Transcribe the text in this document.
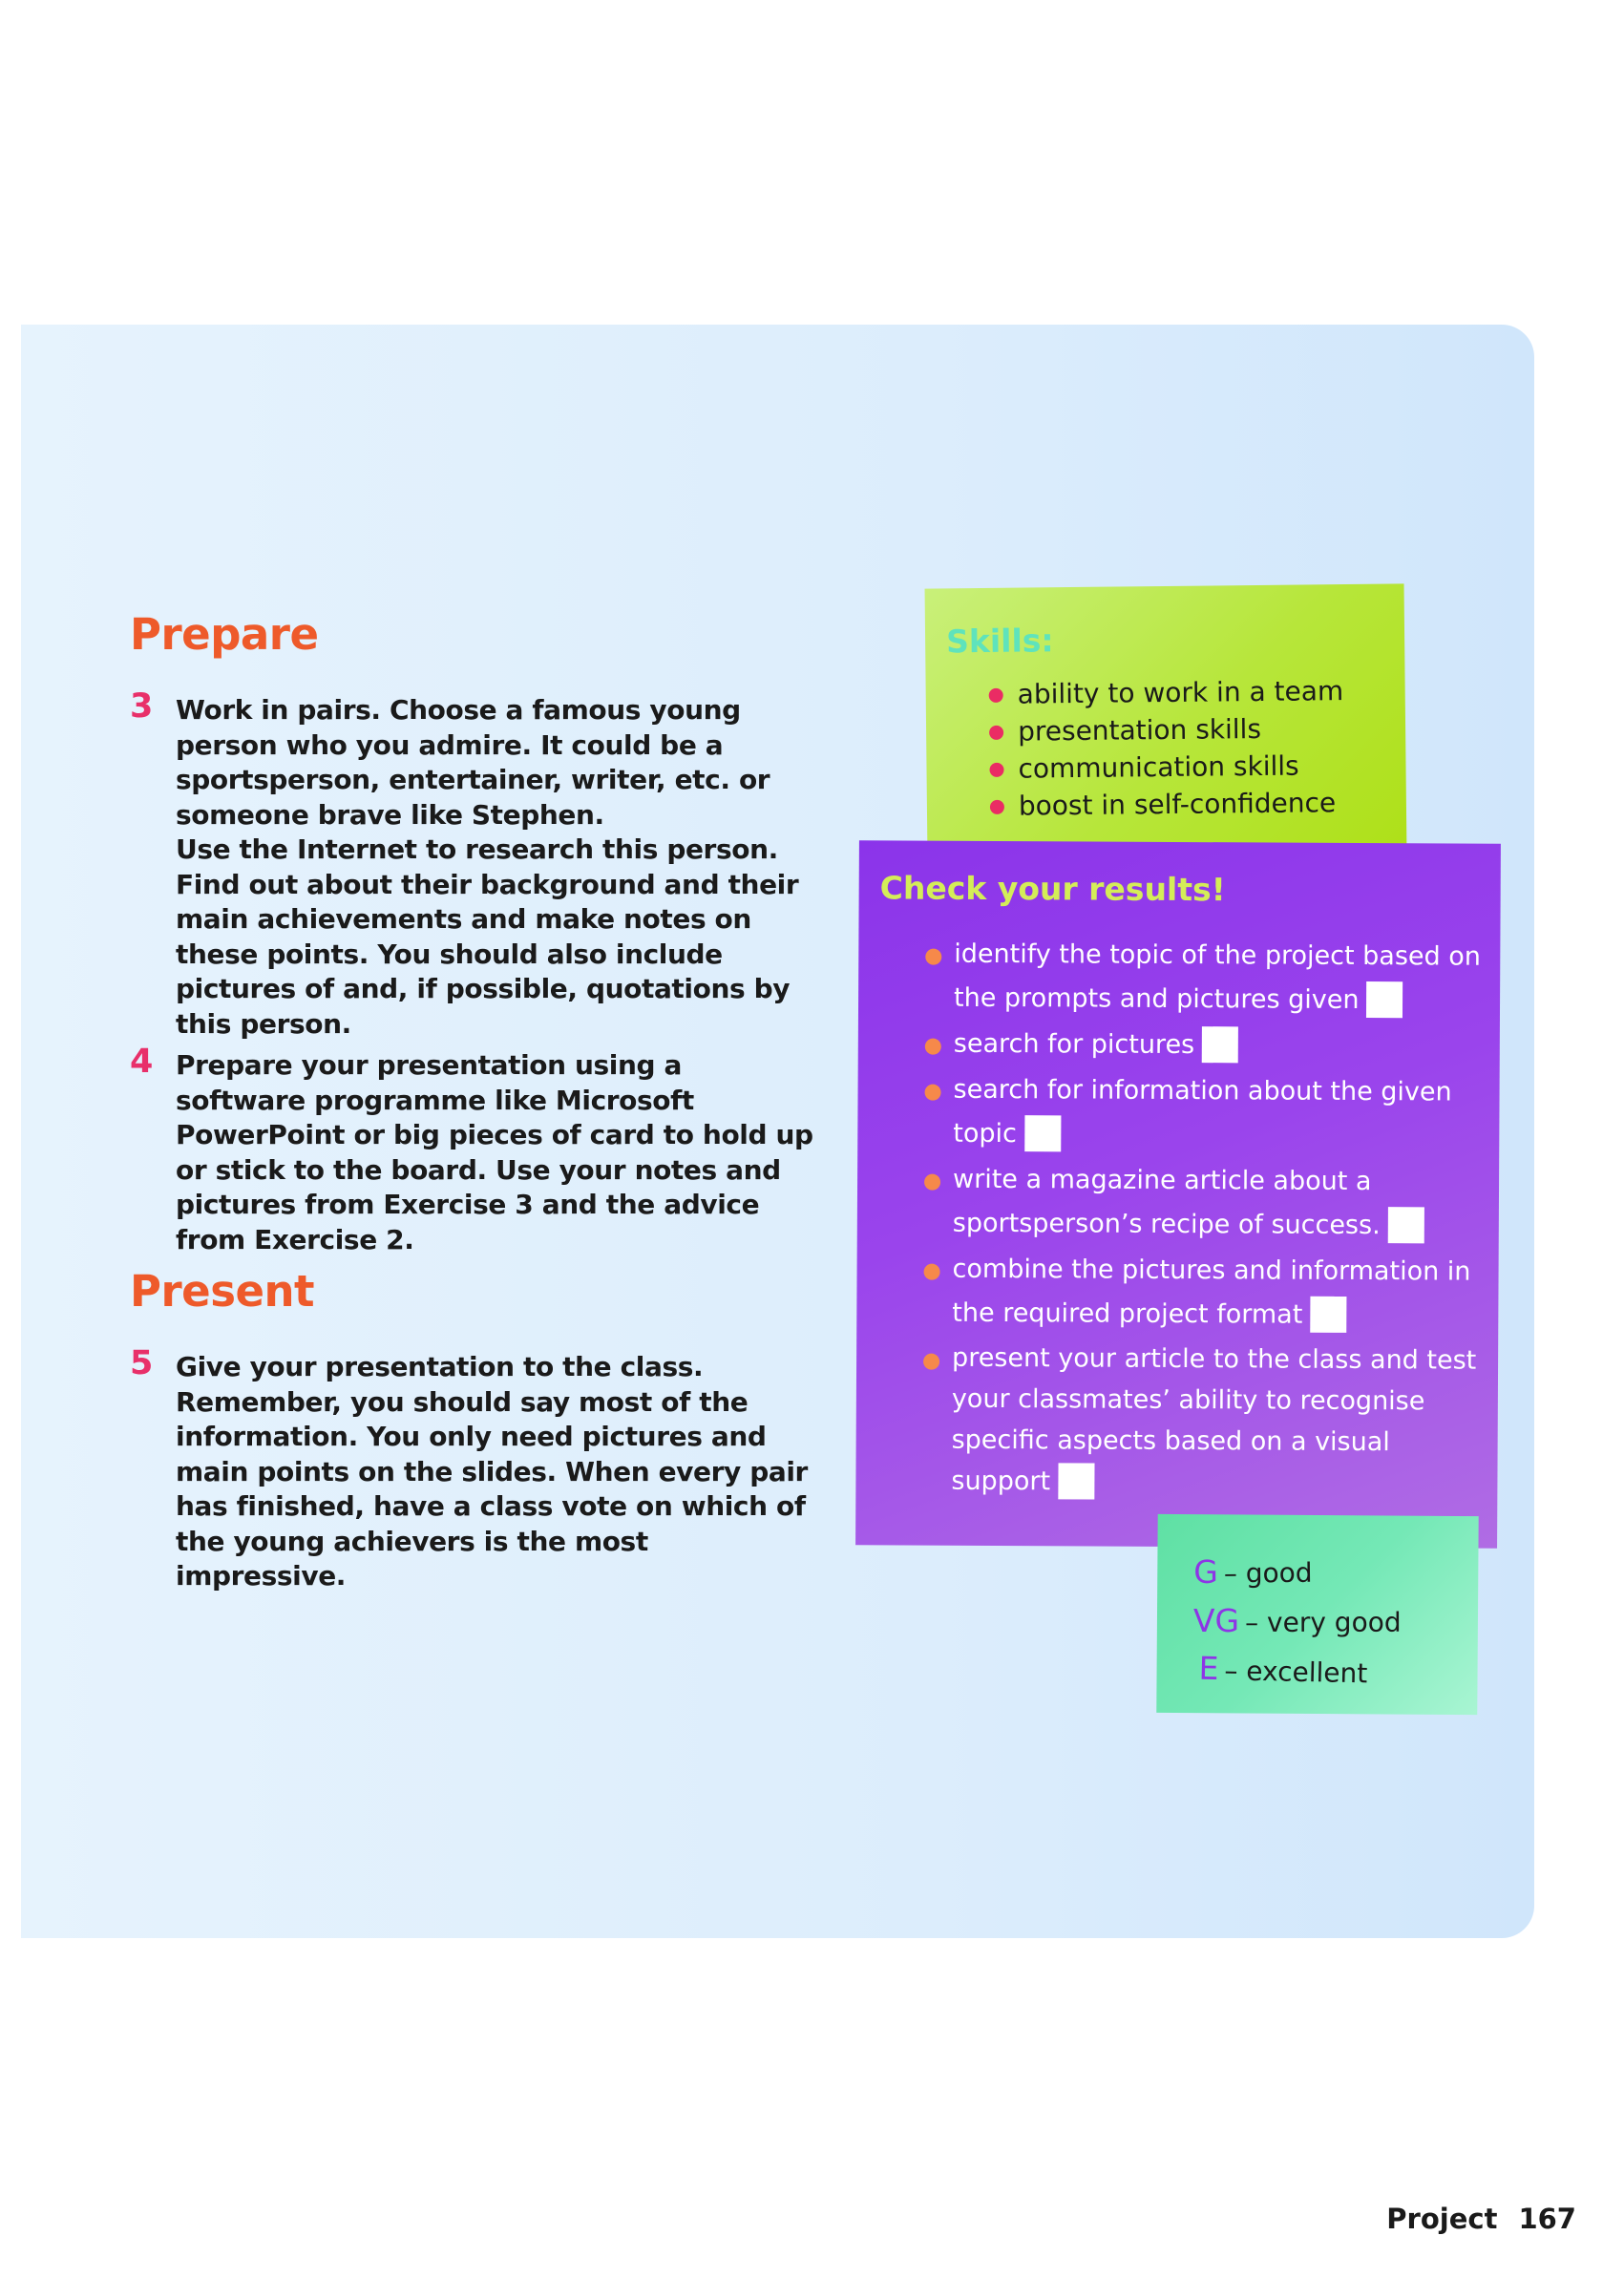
Prepare
3 Work in pairs. Choose a famous young person who you admire. It could be a sportsperson, entertainer, writer, etc. or someone brave like Stephen.

Use the Internet to research this person. Find out about their background and their main achievements and make notes on these points. You should also include pictures of and, if possible, quotations by this person.

4 Prepare your presentation using a software programme like Microsoft PowerPoint or big pieces of card to hold up or stick to the board. Use your notes and pictures from Exercise 3 and the advice from Exercise 2.

Present
5 Give your presentation to the class. Remember, you should say most of the information. You only need pictures and main points on the slides. When every pair has finished, have a class vote on which of the young achievers is the most impressive.

Skills:
ability to work in a team
presentation skills
communication skills
boost in self-confidence
Check your results!
identify the topic of the project based on the prompts and pictures given
search for pictures
search for information about the given topic
write a magazine article about a sportsperson’s recipe of success.
combine the pictures and information in the required project format
present your article to the class and test your classmates’ ability to recognise specific aspects based on a visual support
G – good
VG – very good
E – excellent
Project 167
